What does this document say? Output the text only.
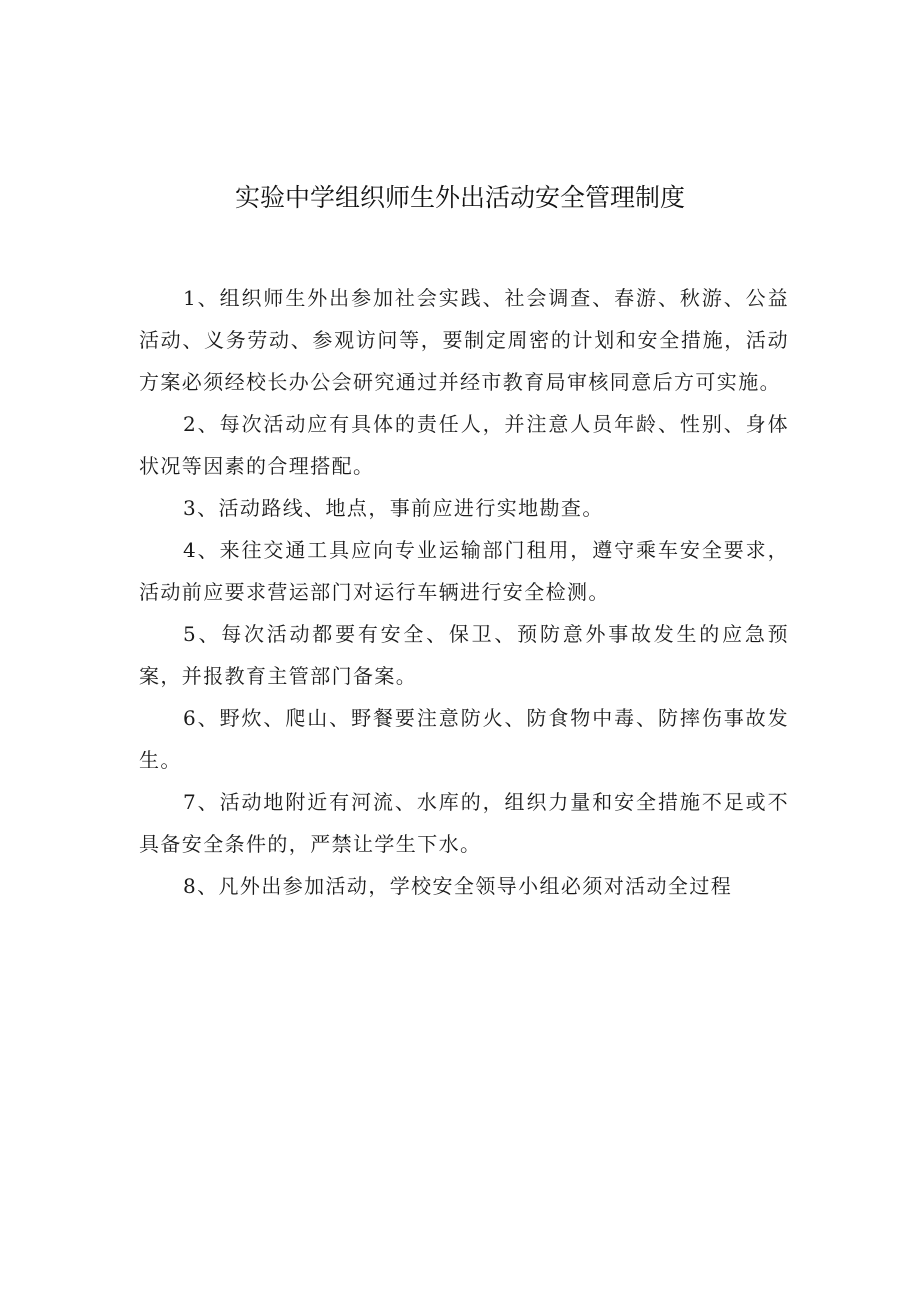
实验中学组织师生外出活动安全管理制度

1、组织师生外出参加社会实践、社会调查、春游、秋游、公益活动、义务劳动、参观访问等，要制定周密的计划和安全措施，活动方案必须经校长办公会研究通过并经市教育局审核同意后方可实施。

2、每次活动应有具体的责任人，并注意人员年龄、性别、身体状况等因素的合理搭配。

3、活动路线、地点，事前应进行实地勘查。

4、来往交通工具应向专业运输部门租用，遵守乘车安全要求，活动前应要求营运部门对运行车辆进行安全检测。

5、每次活动都要有安全、保卫、预防意外事故发生的应急预案，并报教育主管部门备案。

6、野炊、爬山、野餐要注意防火、防食物中毒、防摔伤事故发生。

7、活动地附近有河流、水库的，组织力量和安全措施不足或不具备安全条件的，严禁让学生下水。

8、凡外出参加活动，学校安全领导小组必须对活动全过程
